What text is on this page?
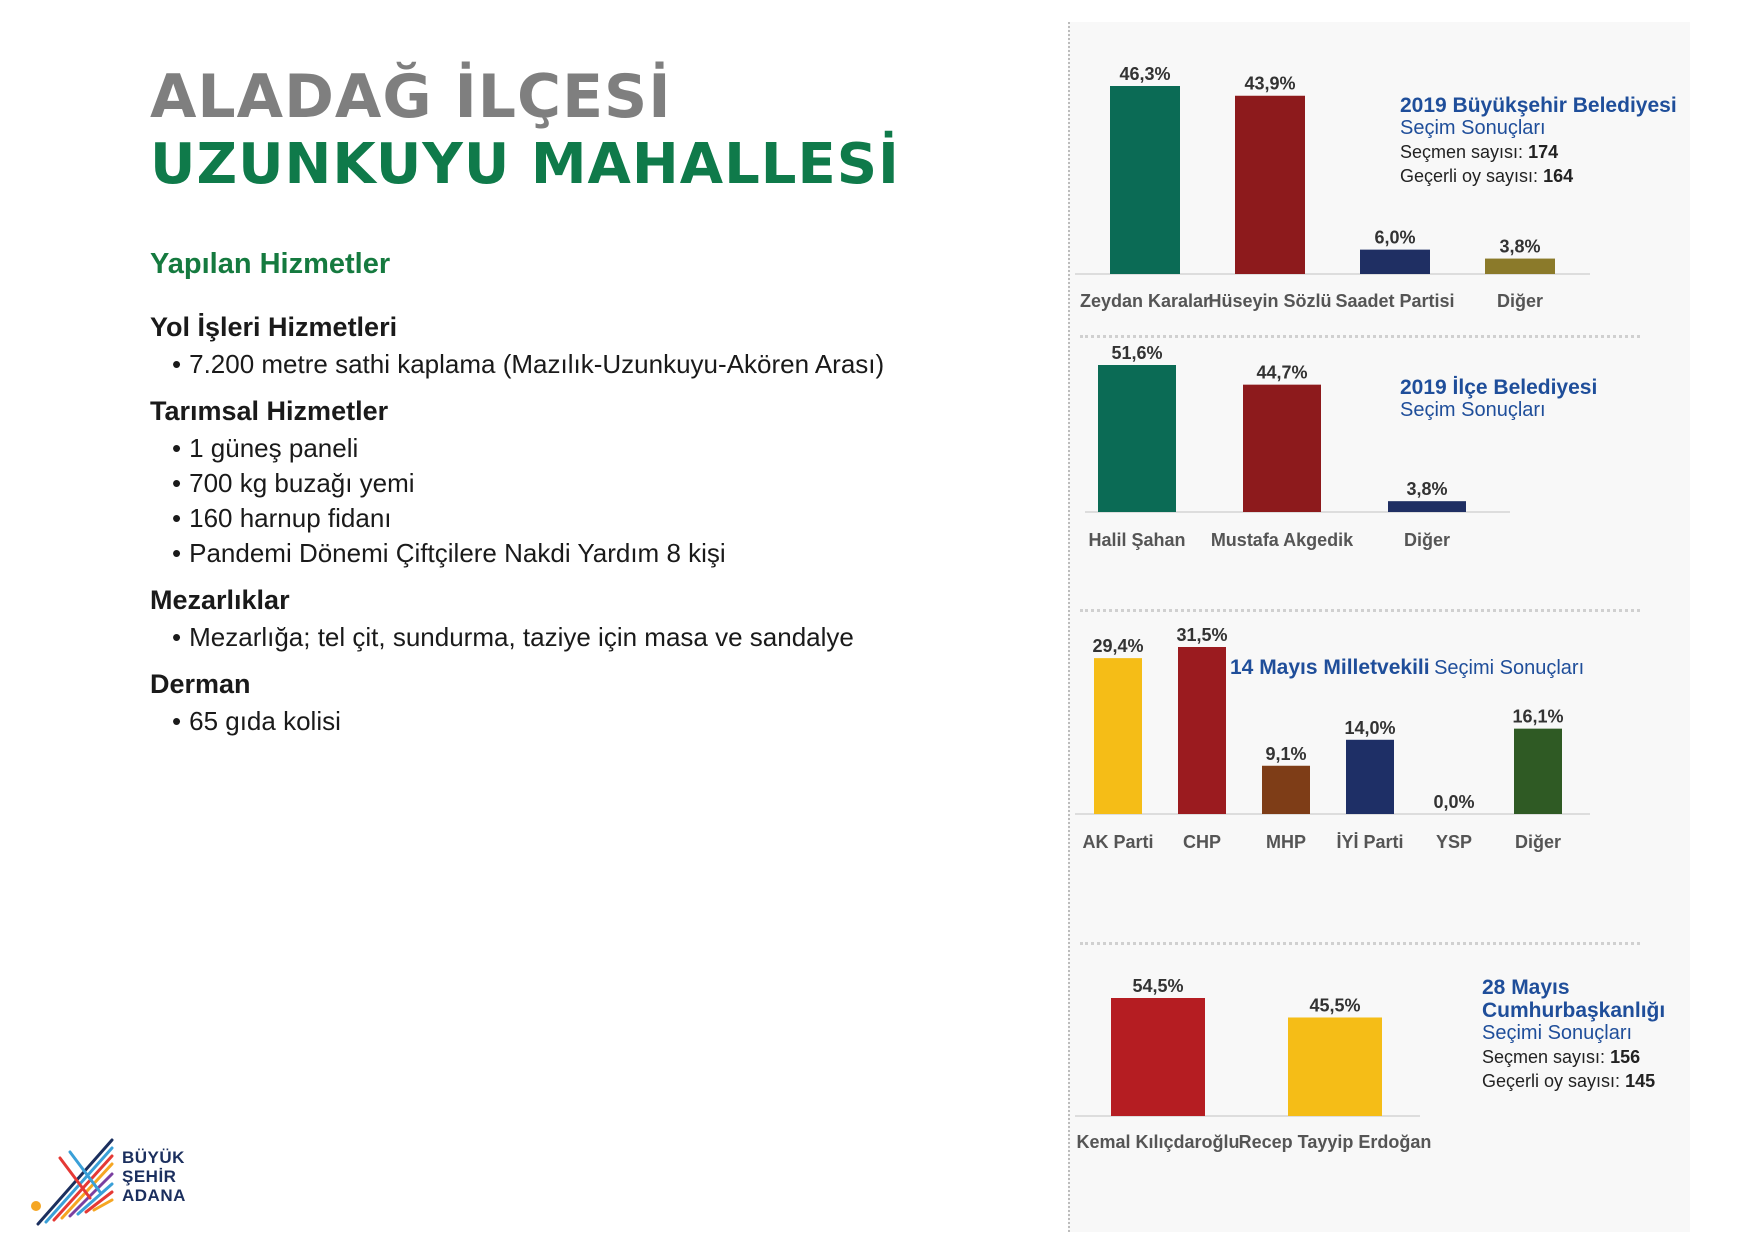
ALADAĞ İLÇESİ
UZUNKUYU MAHALLESİ
Yapılan Hizmetler
Yol İşleri Hizmetleri
• 7.200 metre sathi kaplama (Mazılık-Uzunkuyu-Akören Arası)
Tarımsal Hizmetler
• 1 güneş paneli
• 700 kg buzağı yemi
• 160 harnup fidanı
• Pandemi Dönemi Çiftçilere Nakdi Yardım 8 kişi
Mezarlıklar
• Mezarlığa; tel çit, sundurma, taziye için masa ve sandalye
Derman
• 65 gıda kolisi
46,3%
Zeydan Karalar
43,9%
Hüseyin Sözlü
6,0%
Saadet Partisi
3,8%
Diğer
2019 Büyükşehir Belediyesi
Seçim Sonuçları
Seçmen sayısı: 174
Geçerli oy sayısı: 164
51,6%
Halil Şahan
44,7%
Mustafa Akgedik
3,8%
Diğer
2019 İlçe Belediyesi
Seçim Sonuçları
29,4%
AK Parti
31,5%
CHP
9,1%
MHP
14,0%
İYİ Parti
0,0%
YSP
16,1%
Diğer
14 Mayıs Milletvekili Seçimi Sonuçları
54,5%
Kemal Kılıçdaroğlu
45,5%
Recep Tayyip Erdoğan
28 Mayıs Cumhurbaşkanlığı
Seçimi Sonuçları
Seçmen sayısı: 156
Geçerli oy sayısı: 145
BÜYÜK
ŞEHİR
ADANA
